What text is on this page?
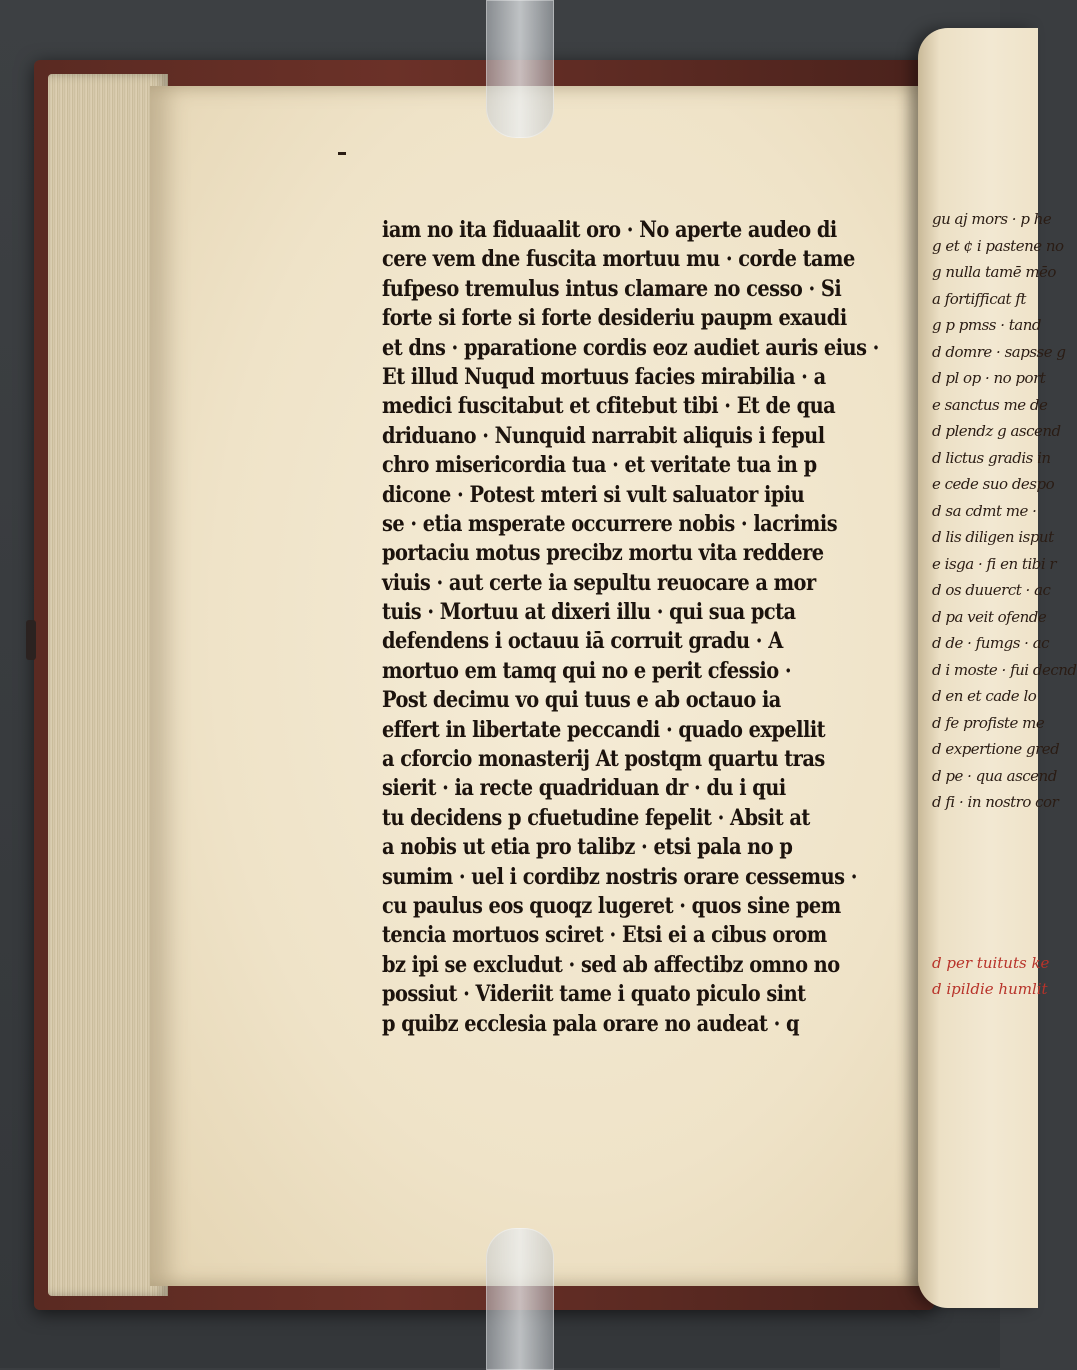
iam no ita fiduaalit oro · No aperte audeo di
cere vem dne fuscita mortuu mu · corde tame
fufpeso tremulus intus clamare no cesso · Si
forte si forte si forte desideriu paupm exaudi
et dns · pparatione cordis eoz audiet auris eius ·
Et illud Nuqud mortuus facies mirabilia · a
medici fuscitabut et cfitebut tibi · Et de qua
driduano · Nunquid narrabit aliquis i fepul
chro misericordia tua · et veritate tua in p
dicone · Potest mteri si vult saluator ipiu
se · etia msperate occurrere nobis · lacrimis
portaciu motus precibz mortu vita reddere
viuis · aut certe ia sepultu reuocare a mor
tuis · Mortuu at dixeri illu · qui sua pcta
defendens i octauu iā corruit gradu · A
mortuo em tamq qui no e perit cfessio ·
Post decimu vo qui tuus e ab octauo ia
effert in libertate peccandi · quado expellit
a cforcio monasterij At postqm quartu tras
sierit · ia recte quadriduan dr · du i qui
tu decidens p cfuetudine fepelit · Absit at
a nobis ut etia pro talibz · etsi pala no p
sumim · uel i cordibz nostris orare cessemus ·
cu paulus eos quoqz lugeret · quos sine pem
tencia mortuos sciret · Etsi ei a cibus orom
bz ipi se excludut · sed ab affectibz omno no
possiut · Videriit tame i quato piculo sint
p quibz ecclesia pala orare no audeat · q
gu aj mors · p he
g et ¢ i pastene no
g nulla tamē mēo
a fortifficat ft
g p pmss · tand
d domre · sapsse g
d pl op · no port
e sanctus me de
d plendz g ascend
d lictus gradis in
e cede suo despo
d sa cdmt me ·
d lis diligen isput
e isga · fi en tibi r
d os duuerct · ac
d pa veit ofende
d de · fumgs · ac
d i moste · fui decnd
d en et cade lo
d fe profiste me
d expertione gred
d pe · qua ascend
d fi · in nostro cor
d per tuituts ke
d ipildie humlit
